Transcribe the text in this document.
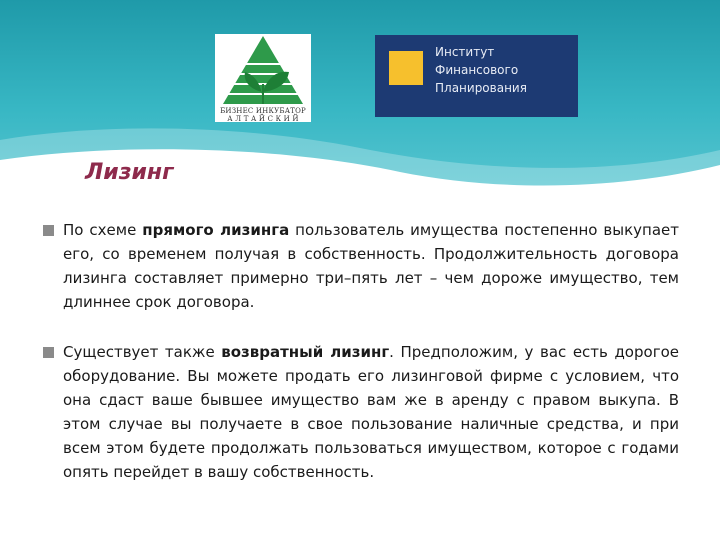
БИЗНЕС ИНКУБАТОР
А Л Т А Й С К И Й
Институт
Финансового
Планирования
Лизинг
По схеме прямого лизинга пользователь имущества постепенно выкупает его, со временем получая в собственность. Продолжительность договора лизинга составляет примерно три–пять лет – чем дороже имущество, тем длиннее срок договора.
Существует также возвратный лизинг. Предположим, у вас есть дорогое оборудование. Вы можете продать его лизинговой фирме с условием, что она сдаст ваше бывшее имущество вам же в аренду с правом выкупа. В этом случае вы получаете в свое пользование наличные средства, и при всем этом будете продолжать пользоваться имуществом, которое с годами опять перейдет в вашу собственность.
